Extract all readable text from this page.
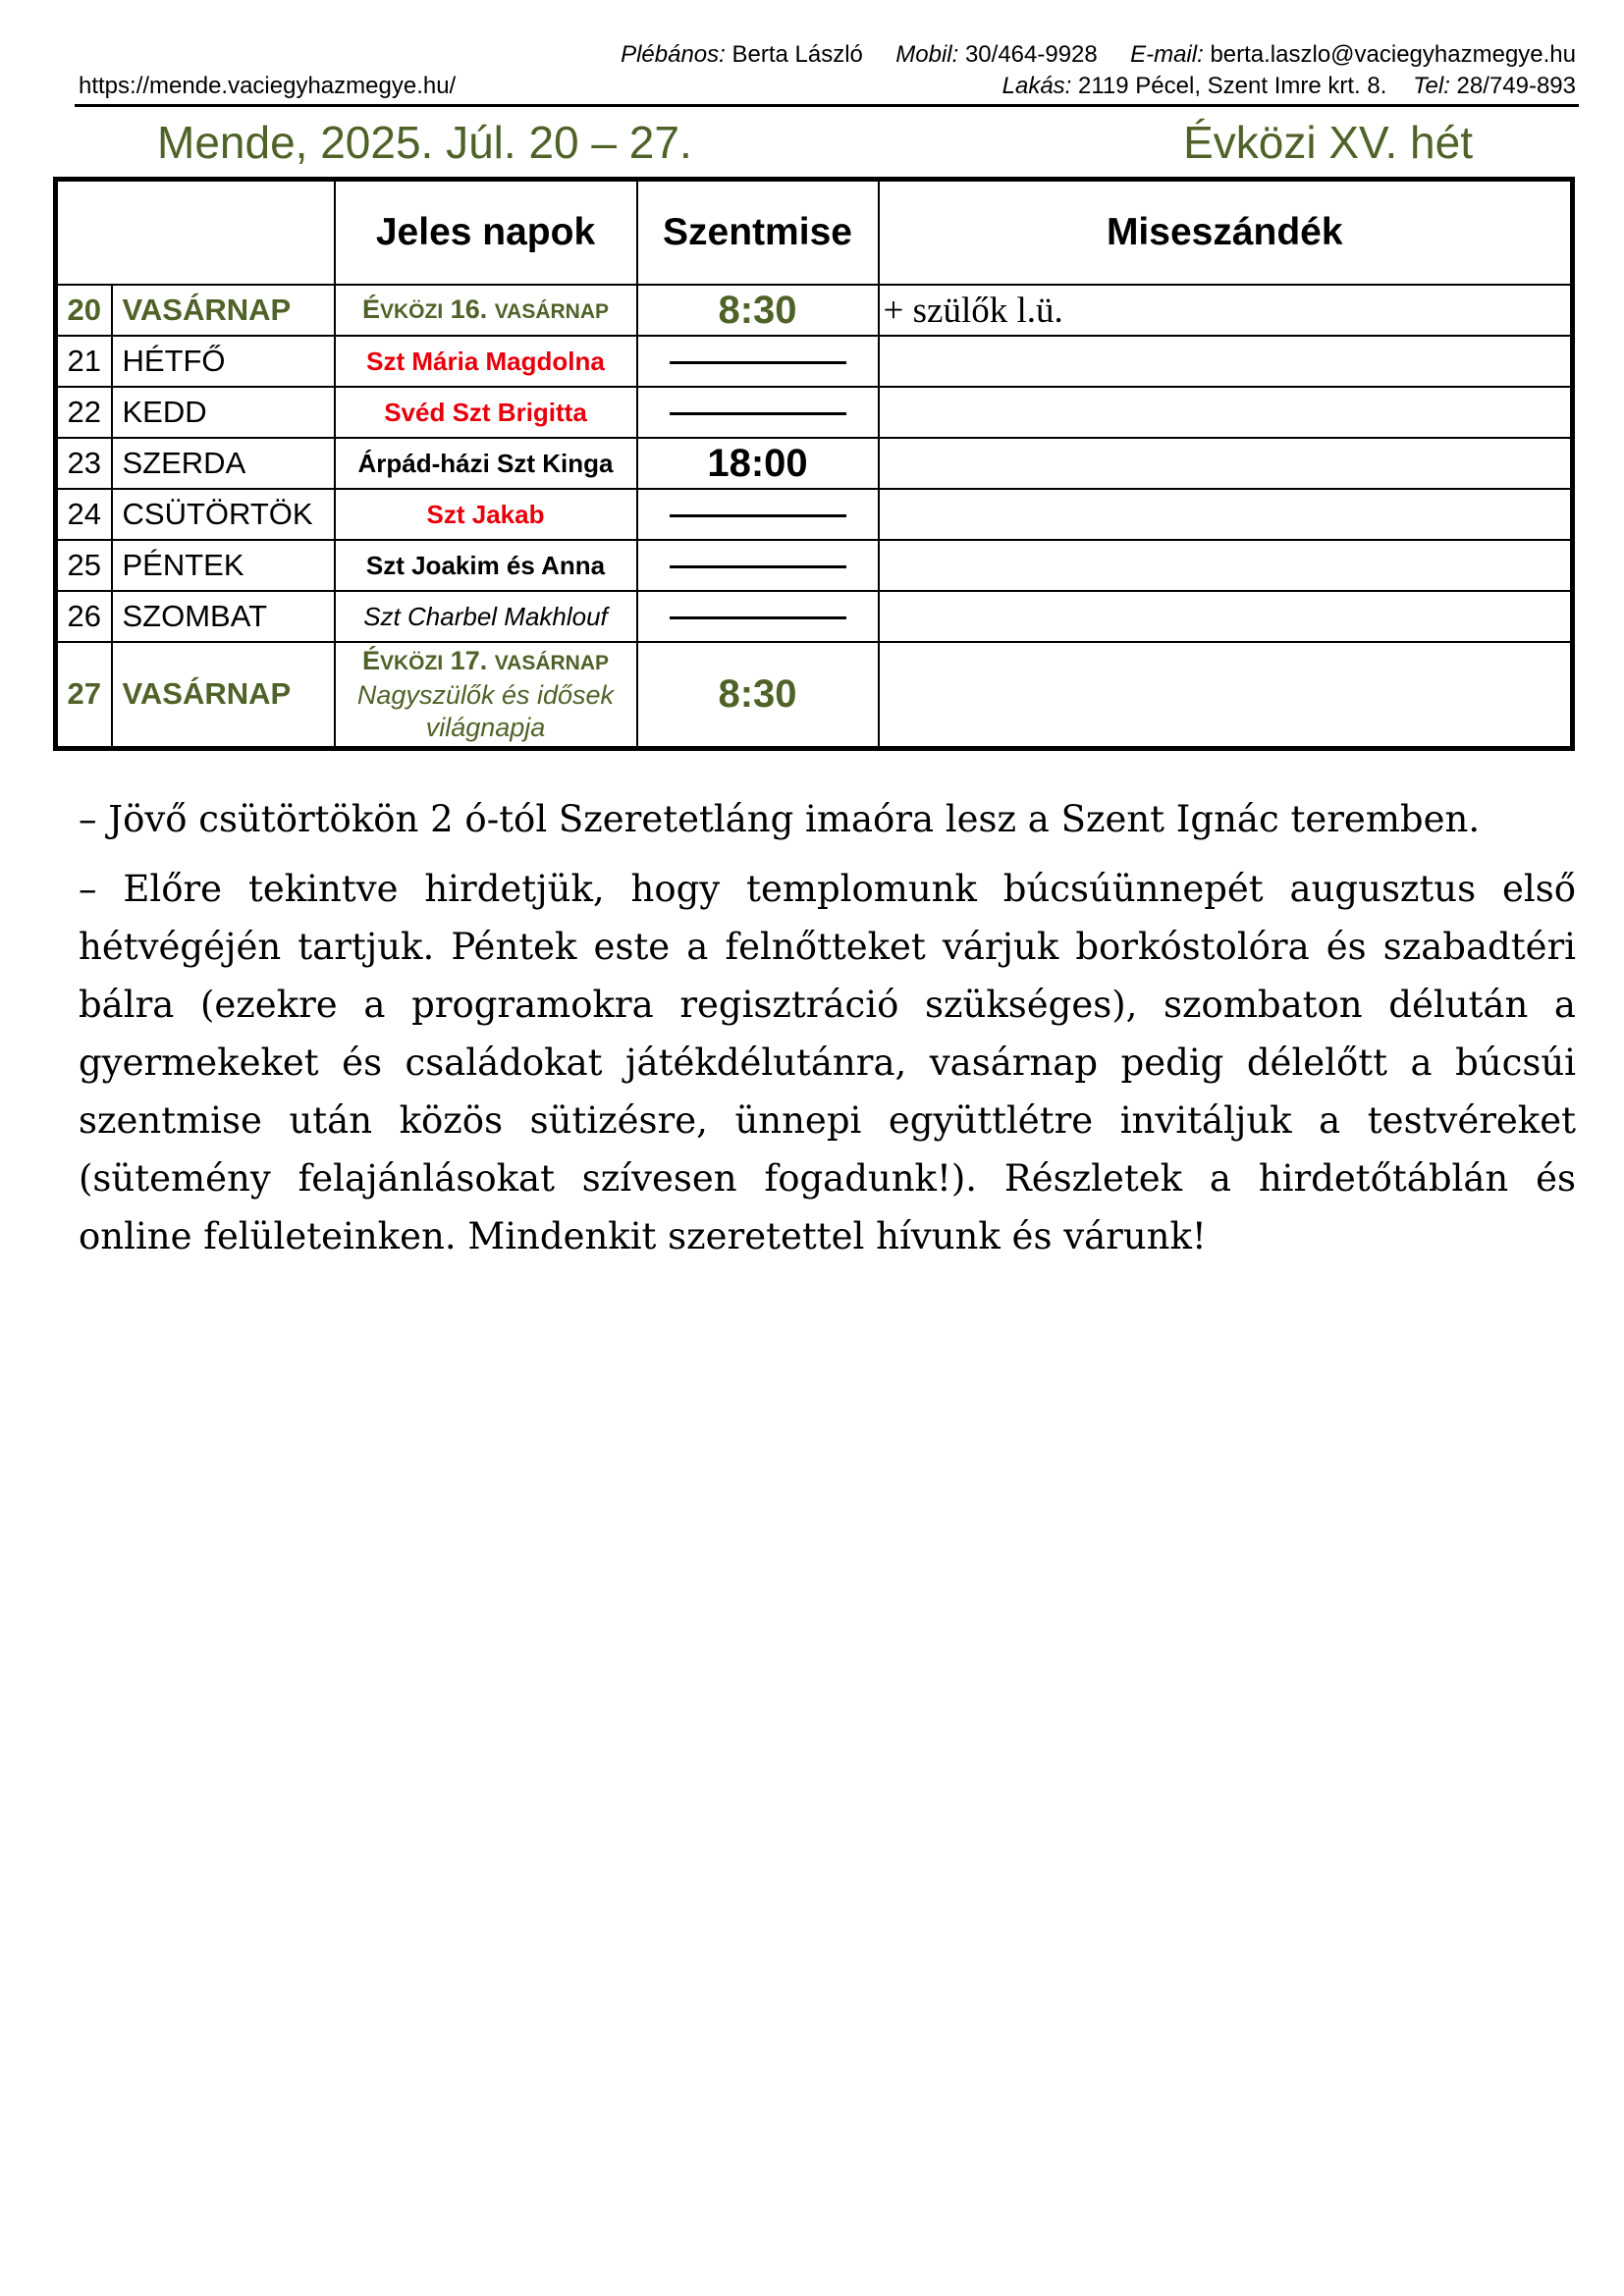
Plébános: Berta László Mobil: 30/464-9928 E-mail: berta.laszlo@vaciegyhazmegye.hu
https://mende.vaciegyhazmegye.hu/	Lakás: 2119 Pécel, Szent Imre krt. 8. Tel: 28/749-893
Mende, 2025. Júl. 20 – 27.	Évközi XV. hét
		Jeles napok	Szentmise	Miseszándék
20	VASÁRNAP	ÉVKÖZI 16. VASÁRNAP	8:30	+ szülők l.ü.
21	HÉTFŐ	Szt Mária Magdolna		
22	KEDD	Svéd Szt Brigitta		
23	SZERDA	Árpád-házi Szt Kinga	18:00	
24	CSÜTÖRTÖK	Szt Jakab		
25	PÉNTEK	Szt Joakim és Anna		
26	SZOMBAT	Szt Charbel Makhlouf		
27	VASÁRNAP	ÉVKÖZI 17. VASÁRNAP
Nagyszülők és idősek világnapja	8:30	

– Jövő csütörtökön 2 ó-tól Szeretetláng imaóra lesz a Szent Ignác teremben.

– Előre tekintve hirdetjük, hogy templomunk búcsúünnepét augusztus első hétvégéjén tartjuk. Péntek este a felnőtteket várjuk borkóstolóra és szabadtéri bálra (ezekre a programokra regisztráció szükséges), szombaton délután a gyermekeket és családokat játékdélutánra, vasárnap pedig délelőtt a búcsúi szentmise után közös sütizésre, ünnepi együttlétre invitáljuk a testvéreket (sütemény felajánlásokat szívesen fogadunk!). Részletek a hirdetőtáblán és online felületeinken. Mindenkit szeretettel hívunk és várunk!
